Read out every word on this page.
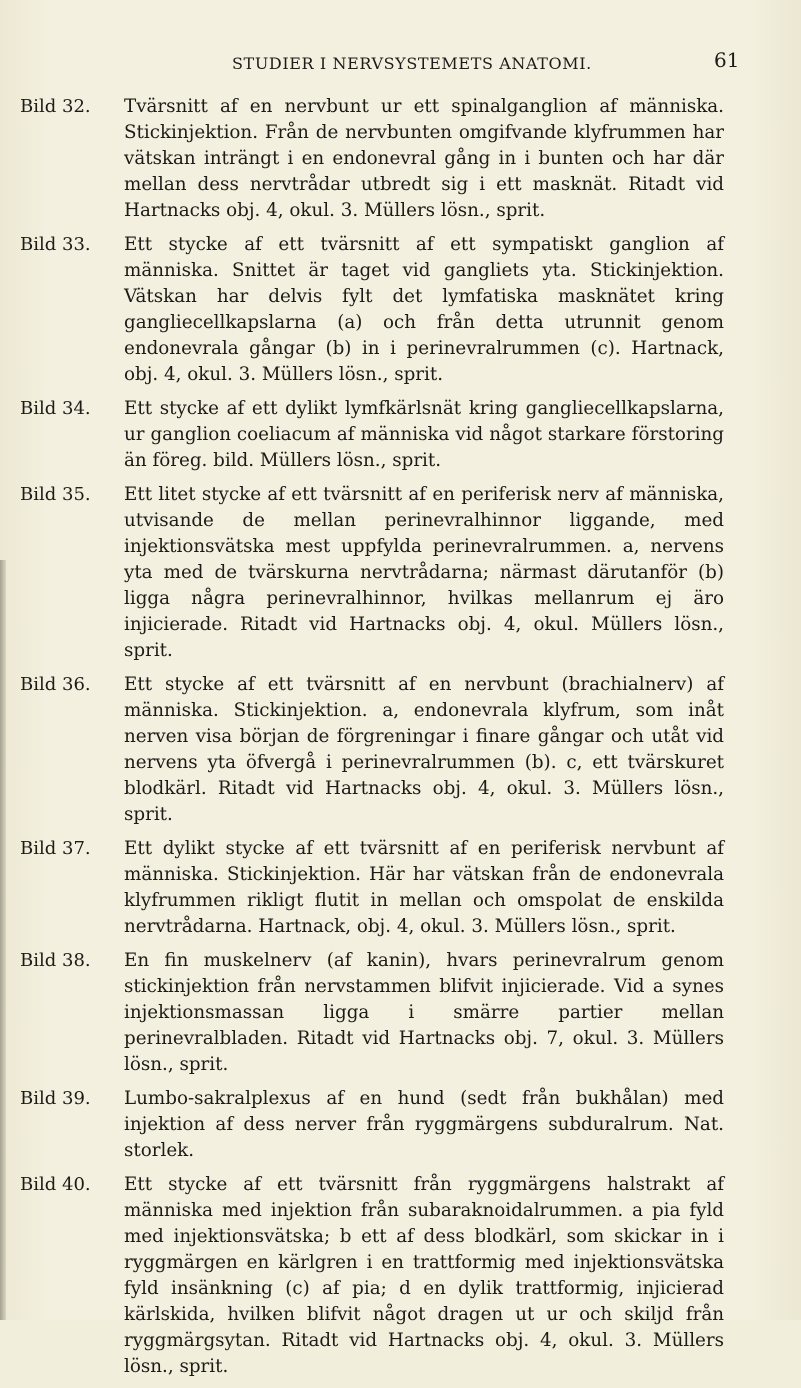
STUDIER I NERVSYSTEMETS ANATOMI.	61
Bild 32. Tvärsnitt af en nervbunt ur ett spinalganglion af människa. Stickinjektion. Från de nervbunten omgifvande klyfrummen har vätskan inträngt i en endonevral gång in i bunten och har där mellan dess nervtrådar utbredt sig i ett masknät. Ritadt vid Hartnacks obj. 4, okul. 3. Müllers lösn., sprit.
Bild 33. Ett stycke af ett tvärsnitt af ett sympatiskt ganglion af människa. Snittet är taget vid gangliets yta. Stickinjektion. Vätskan har delvis fylt det lymfatiska masknätet kring gangliecellkapslarna (a) och från detta utrunnit genom endonevrala gångar (b) in i perinevralrummen (c). Hartnack, obj. 4, okul. 3. Müllers lösn., sprit.
Bild 34. Ett stycke af ett dylikt lymfkärlsnät kring gangliecellkapslarna, ur ganglion coeliacum af människa vid något starkare förstoring än föreg. bild. Müllers lösn., sprit.
Bild 35. Ett litet stycke af ett tvärsnitt af en periferisk nerv af människa, utvisande de mellan perinevralhinnor liggande, med injektionsvätska mest uppfylda perinevralrummen. a, nervens yta med de tvärskurna nervtrådarna; närmast därutanför (b) ligga några perinevralhinnor, hvilkas mellanrum ej äro injicierade. Ritadt vid Hartnacks obj. 4, okul. Müllers lösn., sprit.
Bild 36. Ett stycke af ett tvärsnitt af en nervbunt (brachialnerv) af människa. Stickinjektion. a, endonevrala klyfrum, som inåt nerven visa början de förgreningar i finare gångar och utåt vid nervens yta öfvergå i perinevralrummen (b). c, ett tvärskuret blodkärl. Ritadt vid Hartnacks obj. 4, okul. 3. Müllers lösn., sprit.
Bild 37. Ett dylikt stycke af ett tvärsnitt af en periferisk nervbunt af människa. Stickinjektion. Här har vätskan från de endonevrala klyfrummen rikligt flutit in mellan och omspolat de enskilda nervtrådarna. Hartnack, obj. 4, okul. 3. Müllers lösn., sprit.
Bild 38. En fin muskelnerv (af kanin), hvars perinevralrum genom stickinjektion från nervstammen blifvit injicierade. Vid a synes injektionsmassan ligga i smärre partier mellan perinevralbladen. Ritadt vid Hartnacks obj. 7, okul. 3. Müllers lösn., sprit.
Bild 39. Lumbo-sakralplexus af en hund (sedt från bukhålan) med injektion af dess nerver från ryggmärgens subduralrum. Nat. storlek.
Bild 40. Ett stycke af ett tvärsnitt från ryggmärgens halstrakt af människa med injektion från subaraknoidalrummen. a pia fyld med injektionsvätska; b ett af dess blodkärl, som skickar in i ryggmärgen en kärlgren i en trattformig med injektionsvätska fyld insänkning (c) af pia; d en dylik trattformig, injicierad kärlskida, hvilken blifvit något dragen ut ur och skiljd från ryggmärgsytan. Ritadt vid Hartnacks obj. 4, okul. 3. Müllers lösn., sprit.
